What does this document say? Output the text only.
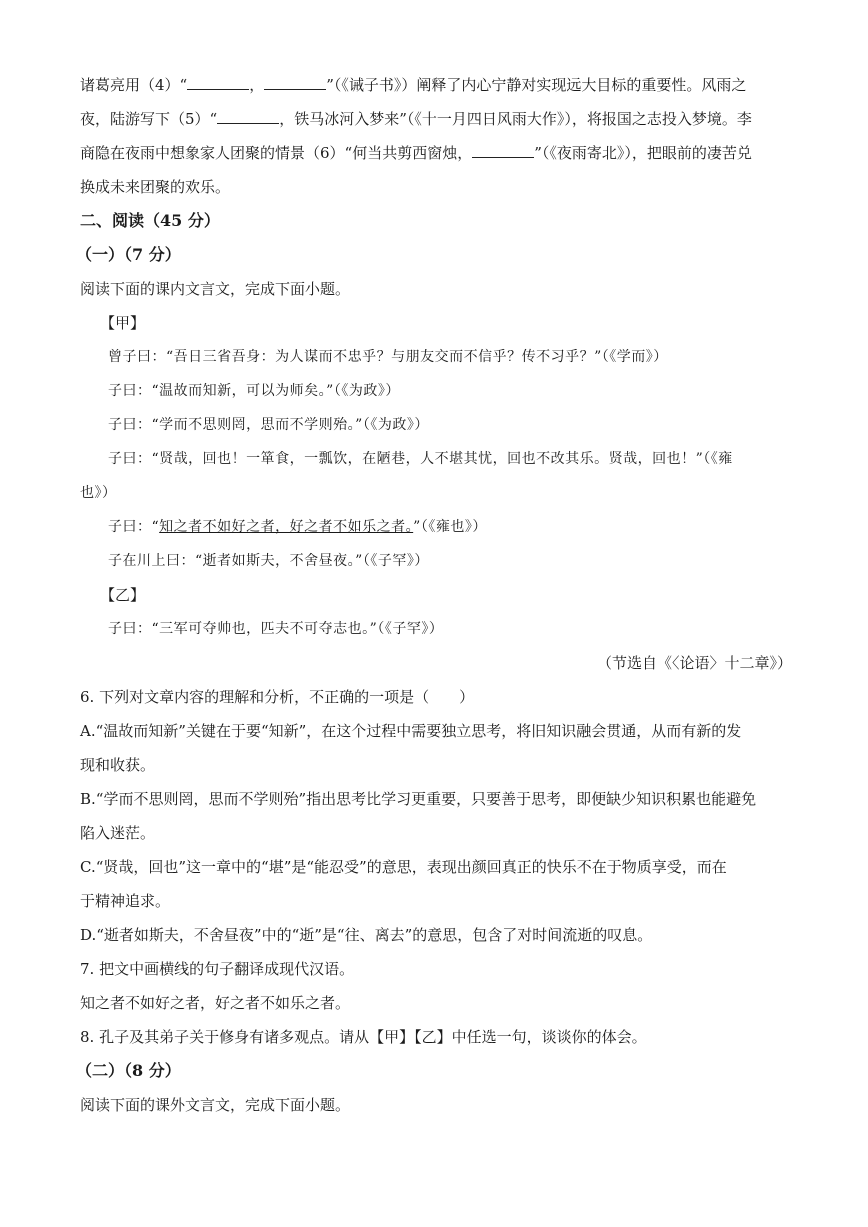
诸葛亮用（4）“	，	”（《诫子书》）阐释了内心宁静对实现远大目标的重要性。风雨之
夜，陆游写下（5）“	，铁马冰河入梦来”（《十一月四日风雨大作》），将报国之志投入梦境。李
商隐在夜雨中想象家人团聚的情景（6）“何当共剪西窗烛，	”（《夜雨寄北》），把眼前的凄苦兑
换成未来团聚的欢乐。
二、阅读（45 分）
（一）（7 分）
阅读下面的课内文言文，完成下面小题。
【甲】
曾子曰：“吾日三省吾身：为人谋而不忠乎？与朋友交而不信乎？传不习乎？”（《学而》）
子曰：“温故而知新，可以为师矣。”（《为政》）
子曰：“学而不思则罔，思而不学则殆。”（《为政》）
子曰：“贤哉，回也！一箪食，一瓢饮，在陋巷，人不堪其忧，回也不改其乐。贤哉，回也！”（《雍
也》）
子曰：“知之者不如好之者，好之者不如乐之者。”（《雍也》）
子在川上曰：“逝者如斯夫，不舍昼夜。”（《子罕》）
【乙】
子曰：“三军可夺帅也，匹夫不可夺志也。”（《子罕》）
（节选自《〈论语〉十二章》）
6. 下列对文章内容的理解和分析，不正确的一项是（　　）
A.“温故而知新”关键在于要“知新”，在这个过程中需要独立思考，将旧知识融会贯通，从而有新的发
现和收获。
B.“学而不思则罔，思而不学则殆”指出思考比学习更重要，只要善于思考，即便缺少知识积累也能避免
陷入迷茫。
C.“贤哉，回也”这一章中的“堪”是“能忍受”的意思，表现出颜回真正的快乐不在于物质享受，而在
于精神追求。
D.“逝者如斯夫，不舍昼夜”中的“逝”是“往、离去”的意思，包含了对时间流逝的叹息。
7. 把文中画横线的句子翻译成现代汉语。
知之者不如好之者，好之者不如乐之者。
8. 孔子及其弟子关于修身有诸多观点。请从【甲】【乙】中任选一句，谈谈你的体会。
（二）（8 分）
阅读下面的课外文言文，完成下面小题。
